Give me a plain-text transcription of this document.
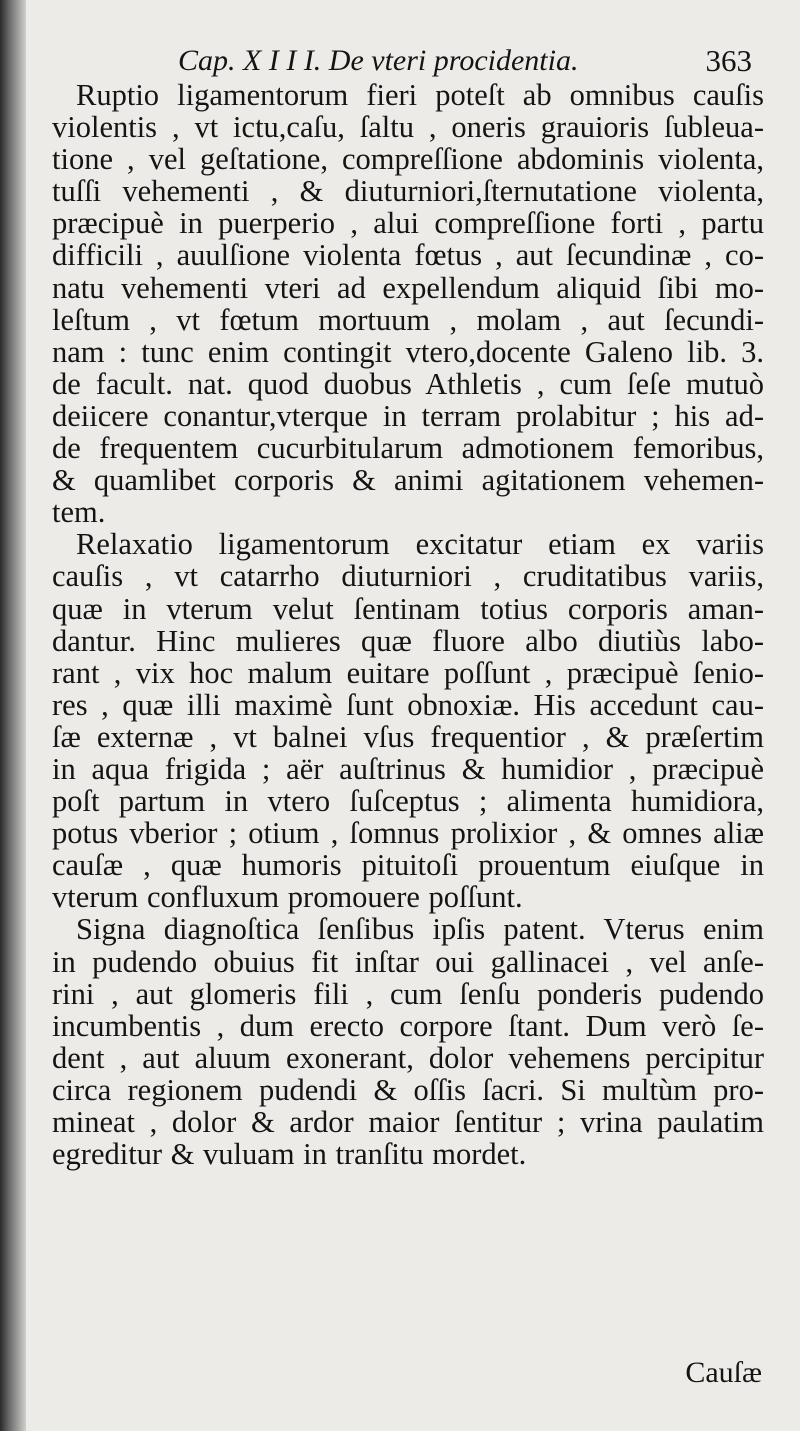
Cap. X I I I. De vteri procidentia.	363
Ruptio ligamentorum fieri poteſt ab omnibus cauſis
violentis , vt ictu,caſu, ſaltu , oneris grauioris ſubleua-
tione , vel geſtatione, compreſſione abdominis violenta,
tuſſi vehementi , & diuturniori,ſternutatione violenta,
præcipuè in puerperio , alui compreſſione forti , partu
difficili , auulſione violenta fœtus , aut ſecundinæ , co-
natu vehementi vteri ad expellendum aliquid ſibi mo-
leſtum , vt fœtum mortuum , molam , aut ſecundi-
nam : tunc enim contingit vtero,docente Galeno lib. 3.
de facult. nat. quod duobus Athletis , cum ſeſe mutuò
deiicere conantur,vterque in terram prolabitur ; his ad-
de frequentem cucurbitularum admotionem femoribus,
& quamlibet corporis & animi agitationem vehemen-
tem.
Relaxatio ligamentorum excitatur etiam ex variis
cauſis , vt catarrho diuturniori , cruditatibus variis,
quæ in vterum velut ſentinam totius corporis aman-
dantur. Hinc mulieres quæ fluore albo diutiùs labo-
rant , vix hoc malum euitare poſſunt , præcipuè ſenio-
res , quæ illi maximè ſunt obnoxiæ. His accedunt cau-
ſæ externæ , vt balnei vſus frequentior , & præſertim
in aqua frigida ; aër auſtrinus & humidior , præcipuè
poſt partum in vtero ſuſceptus ; alimenta humidiora,
potus vberior ; otium , ſomnus prolixior , & omnes aliæ
cauſæ , quæ humoris pituitoſi prouentum eiuſque in
vterum confluxum promouere poſſunt.
Signa diagnoſtica ſenſibus ipſis patent. Vterus enim
in pudendo obuius fit inſtar oui gallinacei , vel anſe-
rini , aut glomeris fili , cum ſenſu ponderis pudendo
incumbentis , dum erecto corpore ſtant. Dum verò ſe-
dent , aut aluum exonerant, dolor vehemens percipitur
circa regionem pudendi & oſſis ſacri. Si multùm pro-
mineat , dolor & ardor maior ſentitur ; vrina paulatim
egreditur & vuluam in tranſitu mordet.
Cauſæ
